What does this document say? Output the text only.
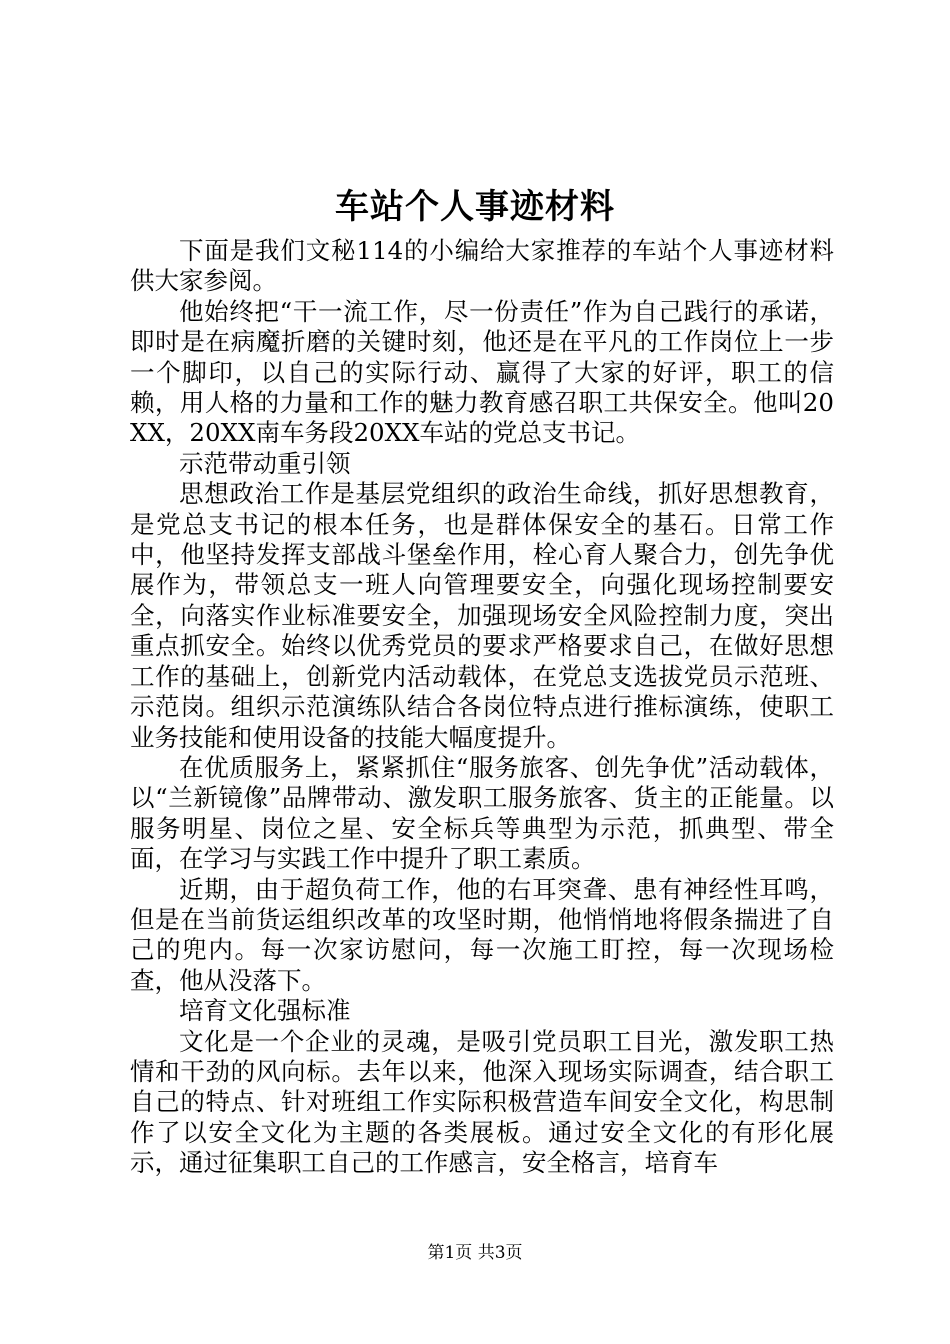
车站个人事迹材料

下面是我们文秘114的小编给大家推荐的车站个人事迹材料供大家参阅。

他始终把“干一流工作，尽一份责任”作为自己践行的承诺，即时是在病魔折磨的关键时刻，他还是在平凡的工作岗位上一步一个脚印，以自己的实际行动、赢得了大家的好评，职工的信赖，用人格的力量和工作的魅力教育感召职工共保安全。他叫20XX，20XX南车务段20XX车站的党总支书记。

示范带动重引领

思想政治工作是基层党组织的政治生命线，抓好思想教育，是党总支书记的根本任务，也是群体保安全的基石。日常工作中，他坚持发挥支部战斗堡垒作用，栓心育人聚合力，创先争优展作为，带领总支一班人向管理要安全，向强化现场控制要安全，向落实作业标准要安全，加强现场安全风险控制力度，突出重点抓安全。始终以优秀党员的要求严格要求自己，在做好思想工作的基础上，创新党内活动载体，在党总支选拔党员示范班、示范岗。组织示范演练队结合各岗位特点进行推标演练，使职工业务技能和使用设备的技能大幅度提升。

在优质服务上，紧紧抓住“服务旅客、创先争优”活动载体，以“兰新镜像”品牌带动、激发职工服务旅客、货主的正能量。以服务明星、岗位之星、安全标兵等典型为示范，抓典型、带全面，在学习与实践工作中提升了职工素质。

近期，由于超负荷工作，他的右耳突聋、患有神经性耳鸣，但是在当前货运组织改革的攻坚时期，他悄悄地将假条揣进了自己的兜内。每一次家访慰问，每一次施工盯控，每一次现场检查，他从没落下。

培育文化强标准

文化是一个企业的灵魂，是吸引党员职工目光，激发职工热情和干劲的风向标。去年以来，他深入现场实际调查，结合职工自己的特点、针对班组工作实际积极营造车间安全文化，构思制作了以安全文化为主题的各类展板。通过安全文化的有形化展示，通过征集职工自己的工作感言，安全格言，培育车

第1页 共3页
